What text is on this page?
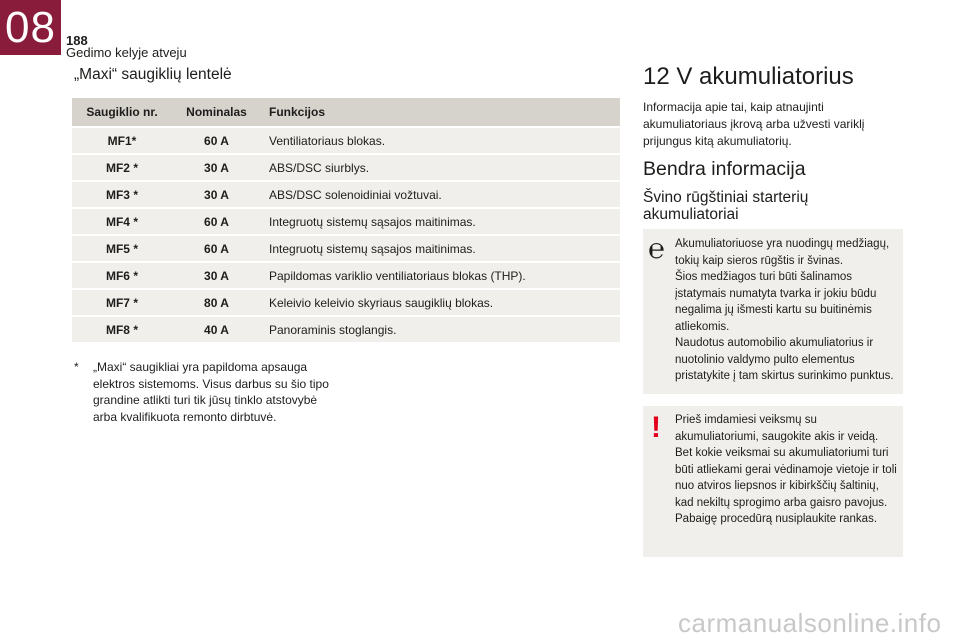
08 188
Gedimo kelyje atveju
„Maxi“ saugiklių lentelė
Saugiklio nr.	Nominalas	Funkcijos
MF1*	60 A	Ventiliatoriaus blokas.
MF2 *	30 A	ABS/DSC siurblys.
MF3 *	30 A	ABS/DSC solenoidiniai vožtuvai.
MF4 *	60 A	Integruotų sistemų sąsajos maitinimas.
MF5 *	60 A	Integruotų sistemų sąsajos maitinimas.
MF6 *	30 A	Papildomas variklio ventiliatoriaus blokas (THP).
MF7 *	80 A	Keleivio keleivio skyriaus saugiklių blokas.
MF8 *	40 A	Panoraminis stoglangis.
* „Maxi“ saugikliai yra papildoma apsauga elektros sistemoms. Visus darbus su šio tipo grandine atlikti turi tik jūsų tinklo atstovybė arba kvalifikuota remonto dirbtuvė.
12 V akumuliatorius
Informacija apie tai, kaip atnaujinti akumuliatoriaus įkrovą arba užvesti variklį prijungus kitą akumuliatorių.
Bendra informacija
Švino rūgštiniai starterių akumuliatoriai
℮ Akumuliatoriuose yra nuodingų medžiagų, tokių kaip sieros rūgštis ir švinas.
Šios medžiagos turi būti šalinamos įstatymais numatyta tvarka ir jokiu būdu negalima jų išmesti kartu su buitinėmis atliekomis.
Naudotus automobilio akumuliatorius ir nuotolinio valdymo pulto elementus pristatykite į tam skirtus surinkimo punktus.
! Prieš imdamiesi veiksmų su akumuliatoriumi, saugokite akis ir veidą.
Bet kokie veiksmai su akumuliatoriumi turi būti atliekami gerai vėdinamoje vietoje ir toli nuo atviros liepsnos ir kibirkščių šaltinių, kad nekiltų sprogimo arba gaisro pavojus.
Pabaigę procedūrą nusiplaukite rankas.
carmanualsonline.info
